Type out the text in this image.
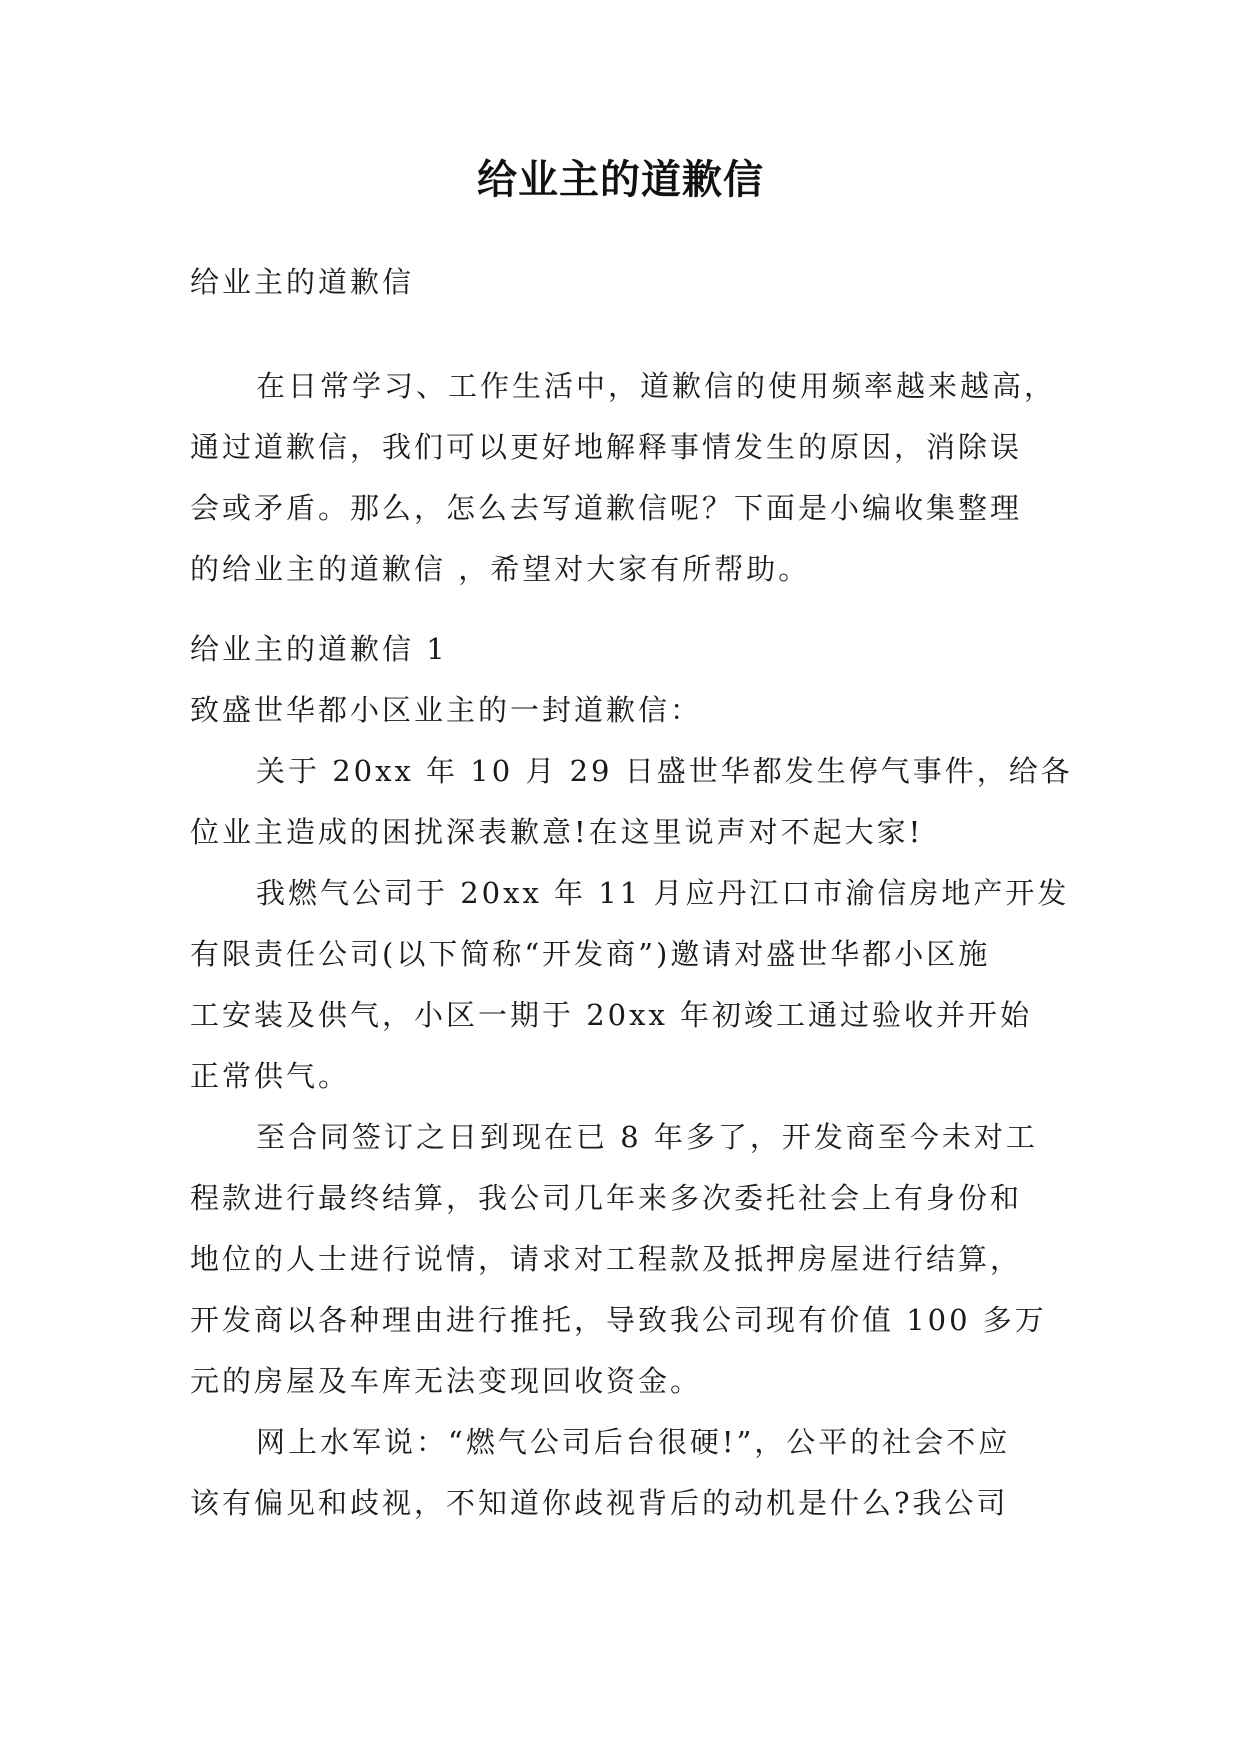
给业主的道歉信
给业主的道歉信
在日常学习、工作生活中，道歉信的使用频率越来越高，
通过道歉信，我们可以更好地解释事情发生的原因，消除误
会或矛盾。那么，怎么去写道歉信呢？下面是小编收集整理
的给业主的道歉信 ，希望对大家有所帮助。
给业主的道歉信 1
致盛世华都小区业主的一封道歉信：
关于 20xx 年 10 月 29 日盛世华都发生停气事件，给各
位业主造成的困扰深表歉意!在这里说声对不起大家!
我燃气公司于 20xx 年 11 月应丹江口市渝信房地产开发
有限责任公司(以下简称“开发商”)邀请对盛世华都小区施
工安装及供气，小区一期于 20xx 年初竣工通过验收并开始
正常供气。
至合同签订之日到现在已 8 年多了，开发商至今未对工
程款进行最终结算，我公司几年来多次委托社会上有身份和
地位的人士进行说情，请求对工程款及抵押房屋进行结算，
开发商以各种理由进行推托，导致我公司现有价值 100 多万
元的房屋及车库无法变现回收资金。
网上水军说：“燃气公司后台很硬!”，公平的社会不应
该有偏见和歧视，不知道你歧视背后的动机是什么?我公司
